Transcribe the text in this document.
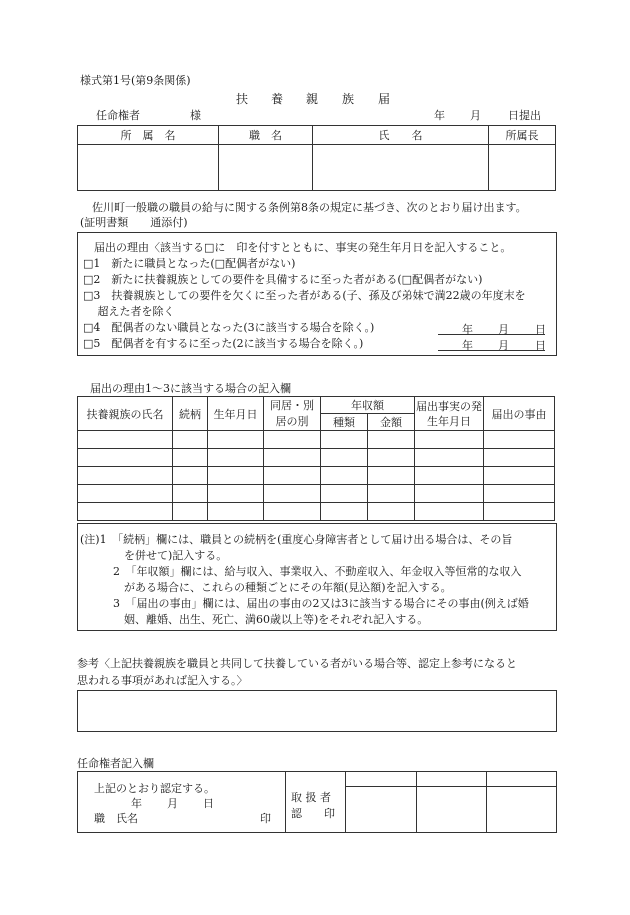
様式第1号(第9条関係)
扶 養 親 族 届
任命権者	様	年 月 日提出
所　属　名	職　名	氏　　名	所属長

佐川町一般職の職員の給与に関する条例第8条の規定に基づき、次のとおり届け出ます。
(証明書類　　通添付)
届出の理由〈該当する□に　印を付すとともに、事実の発生年月日を記入すること。
□1　新たに職員となった(□配偶者がない)
□2　新たに扶養親族としての要件を具備するに至った者がある(□配偶者がない)
□3　扶養親族としての要件を欠くに至った者がある(子、孫及び弟妹で満22歳の年度末を
　 超えた者を除く
□4　配偶者のない職員となった(3に該当する場合を除く。)
□5　配偶者を有するに至った(2に該当する場合を除く。)
年 月 日
年 月 日
届出の理由1〜3に該当する場合の記入欄
扶養親族の氏名	続柄	生年月日	同居・別居の別	年収額		届出事実の発生年月日	届出の事由
				種類	金額		

(注)1　「続柄」欄には、職員との続柄を(重度心身障害者として届け出る場合は、その旨
　　　　を併せて)記入する。
　　　2　「年収額」欄には、給与収入、事業収入、不動産収入、年金収入等恒常的な収入
　　　　がある場合に、これらの種類ごとにその年額(見込額)を記入する。
　　　3　「届出の事由」欄には、届出の事由の2又は3に該当する場合にその事由(例えば婚
　　　　姻、離婚、出生、死亡、満60歳以上等)をそれぞれ記入する。
参考〈上記扶養親族を職員と共同して扶養している者がいる場合等、認定上参考になると
思われる事項があれば記入する。〉
任命権者記入欄
上記のとおり認定する。
年 月 日
職　氏名	印
取 扱 者
認　　印
